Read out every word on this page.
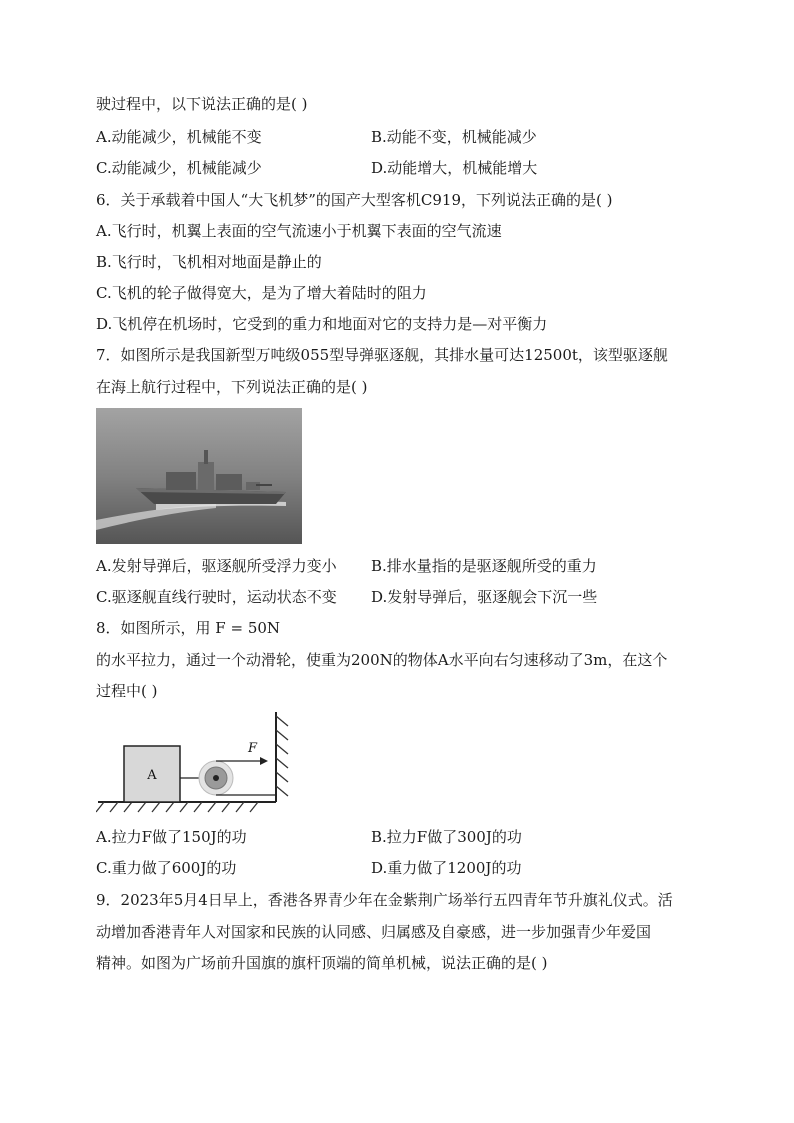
驶过程中，以下说法正确的是( )
A.动能减少，机械能不变	B.动能不变，机械能减少
C.动能减少，机械能减少	D.动能增大，机械能增大
6．关于承载着中国人“大飞机梦”的国产大型客机C919，下列说法正确的是( )
A.飞行时，机翼上表面的空气流速小于机翼下表面的空气流速
B.飞行时，飞机相对地面是静止的
C.飞机的轮子做得宽大，是为了增大着陆时的阻力
D.飞机停在机场时，它受到的重力和地面对它的支持力是—对平衡力
7．如图所示是我国新型万吨级055型导弹驱逐舰，其排水量可达12500t，该型驱逐舰
在海上航行过程中，下列说法正确的是( )
A.发射导弹后，驱逐舰所受浮力变小 B.排水量指的是驱逐舰所受的重力
C.驱逐舰直线行驶时，运动状态不变 D.发射导弹后，驱逐舰会下沉一些
8．如图所示，用 F = 50N
的水平拉力，通过一个动滑轮，使重为200N的物体A水平向右匀速移动了3m，在这个
过程中( )
A
F
A.拉力F做了150J的功	B.拉力F做了300J的功
C.重力做了600J的功	D.重力做了1200J的功
9．2023年5月4日早上，香港各界青少年在金紫荆广场举行五四青年节升旗礼仪式。活
动增加香港青年人对国家和民族的认同感、归属感及自豪感，进一步加强青少年爱国
精神。如图为广场前升国旗的旗杆顶端的简单机械，说法正确的是( )
